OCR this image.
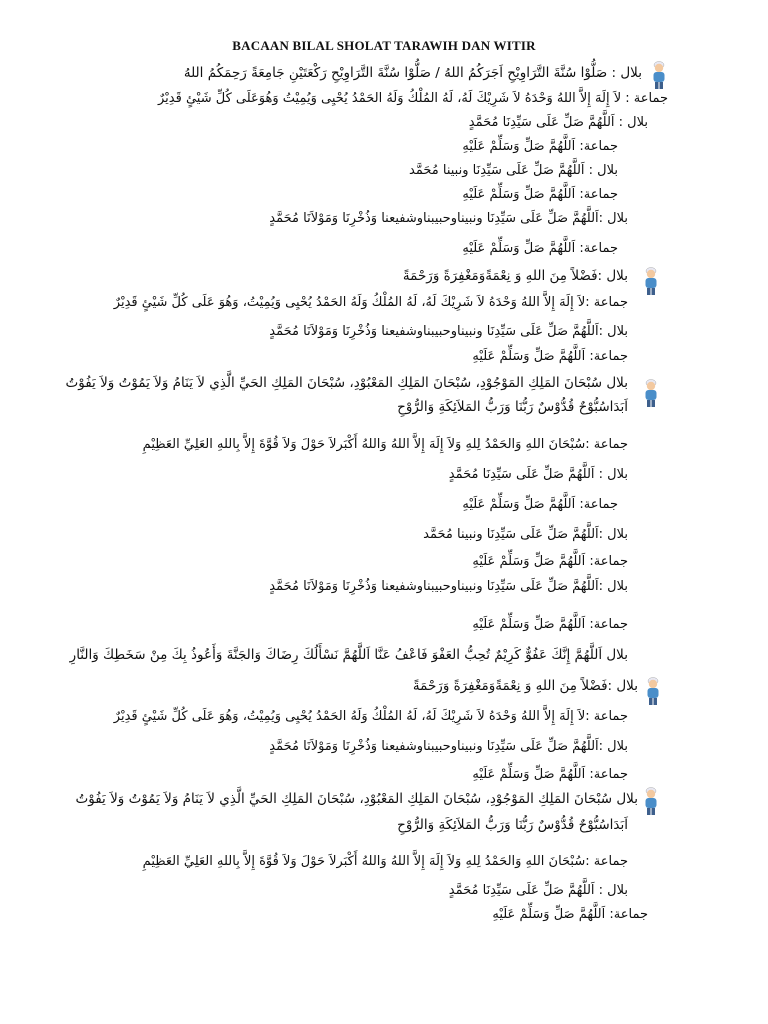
BACAAN BILAL SHOLAT TARAWIH DAN WITIR
بلال : صَلُّوْا سُنَّةَ التَّرَاوِيْحِ اَجَرَكُمُ اللهُ / صَلُّوْا سُنَّةَ التَّرَاوِيْحِ رَكْعَتَيْنِ جَامِعَةً رَحِمَكُمُ اللهُ
جماعة : لاَ إِلَهَ إِلاَّ اللهُ وَحْدَهُ لاَ شَرِيْكَ لَهُ، لَهُ المُلْكُ وَلَهُ الحَمْدُ يُحْيِى وَيُمِيْتُ وَهُوَعَلَى كُلِّ شَيْئٍ قَدِيْرٌ
بلال : اَللَّهُمَّ صَلِّ عَلَى سَيِّدِنَا مُحَمَّدٍ
جماعة: اَللَّهُمَّ صَلِّ وَسَلِّمْ عَلَيْهِ
بلال : اَللَّهُمَّ صَلِّ عَلَى سَيِّدِنَا ونبينا مُحَمَّد
جماعة: اَللَّهُمَّ صَلِّ وَسَلِّمْ عَلَيْهِ
بلال :اَللَّهُمَّ صَلِّ عَلَى سَيِّدِنَا ونبيناوحبيبناوشفيعنا وَذُخْرِنَا وَمَوْلاَنَا مُحَمَّدٍ
جماعة: اَللَّهُمَّ صَلِّ وَسَلِّمْ عَلَيْهِ
بلال :فَضْلاً مِنَ اللهِ وَ نِعْمَةًوَمَغْفِرَةً وَرَحْمَةً
جماعة :لاَ إِلَهَ إِلاَّ اللهُ وَحْدَهُ لاَ شَرِيْكَ لَهُ، لَهُ المُلْكُ وَلَهُ الحَمْدُ يُحْيِى وَيُمِيْتُ، وَهُوَ عَلَى كُلِّ شَيْئٍ قَدِيْرٌ
بلال :اَللَّهُمَّ صَلِّ عَلَى سَيِّدِنَا ونبيناوحبيبناوشفيعنا وَذُخْرِنَا وَمَوْلاَنَا مُحَمَّدٍ
جماعة: اَللَّهُمَّ صَلِّ وَسَلِّمْ عَلَيْهِ
بلال سُبْحَانَ المَلِكِ المَوْجُوْدِ، سُبْحَانَ المَلِكِ المَعْبُوْدِ، سُبْحَانَ المَلِكِ الحَيِّ الَّذِي لاَ يَنَامُ وَلاَ يَمُوْتُ وَلاَ يَفُوْتُ
اَبَدَاسُبُّوْحٌ قُدُّوْسٌ رَبُّنَا وَرَبُّ المَلاَئِكَةِ وَالرُّوْحِ
جماعة :سُبْحَانَ اللهِ وَالحَمْدُ لِلهِ وَلاَ إِلَهَ إِلاَّ اللهُ وَاللهُ أَكْبَرلاَ حَوْلَ وَلاَ قُوَّةَ إِلاَّ بِاللهِ العَلِيِّ العَظِيْمِ
بلال : اَللَّهُمَّ صَلِّ عَلَى سَيِّدِنَا مُحَمَّدٍ
جماعة: اَللَّهُمَّ صَلِّ وَسَلِّمْ عَلَيْهِ
بلال :اَللَّهُمَّ صَلِّ عَلَى سَيِّدِنَا ونبينا مُحَمَّد
جماعة: اَللَّهُمَّ صَلِّ وَسَلِّمْ عَلَيْهِ
بلال :اَللَّهُمَّ صَلِّ عَلَى سَيِّدِنَا ونبيناوحبيبناوشفيعنا وَذُخْرِنَا وَمَوْلاَنَا مُحَمَّدٍ
جماعة: اَللَّهُمَّ صَلِّ وَسَلِّمْ عَلَيْهِ
بلال اَللَّهُمَّ إِنَّكَ عَفُوٌّ كَرِيْمٌ تُحِبُّ العَفْوَ فَاعْفُ عَنَّا اَللَّهُمَّ نَسْأَلُكَ رِضَاكَ وَالجَنَّةَ وَأَعُوذُ بِكَ مِنْ سَخَطِكَ وَالنَّارِ
بلال :فَضْلاً مِنَ اللهِ وَ نِعْمَةًوَمَغْفِرَةً وَرَحْمَةً
جماعة :لاَ إِلَهَ إِلاَّ اللهُ وَحْدَهُ لاَ شَرِيْكَ لَهُ، لَهُ المُلْكُ وَلَهُ الحَمْدُ يُحْيِى وَيُمِيْتُ، وَهُوَ عَلَى كُلِّ شَيْئٍ قَدِيْرٌ
بلال :اَللَّهُمَّ صَلِّ عَلَى سَيِّدِنَا ونبيناوحبيبناوشفيعنا وَذُخْرِنَا وَمَوْلاَنَا مُحَمَّدٍ
جماعة: اَللَّهُمَّ صَلِّ وَسَلِّمْ عَلَيْهِ
بلال سُبْحَانَ المَلِكِ المَوْجُوْدِ، سُبْحَانَ المَلِكِ المَعْبُوْدِ، سُبْحَانَ المَلِكِ الحَيِّ الَّذِي لاَ يَنَامُ وَلاَ يَمُوْتُ وَلاَ يَفُوْتُ
اَبَدَاسُبُّوْحٌ قُدُّوْسٌ رَبُّنَا وَرَبُّ المَلاَئِكَةِ وَالرُّوْحِ
جماعة :سُبْحَانَ اللهِ وَالحَمْدُ لِلهِ وَلاَ إِلَهَ إِلاَّ اللهُ وَاللهُ أَكْبَرلاَ حَوْلَ وَلاَ قُوَّةَ إِلاَّ بِاللهِ العَلِيِّ العَظِيْمِ
بلال : اَللَّهُمَّ صَلِّ عَلَى سَيِّدِنَا مُحَمَّدٍ
جماعة: اَللَّهُمَّ صَلِّ وَسَلِّمْ عَلَيْهِ
